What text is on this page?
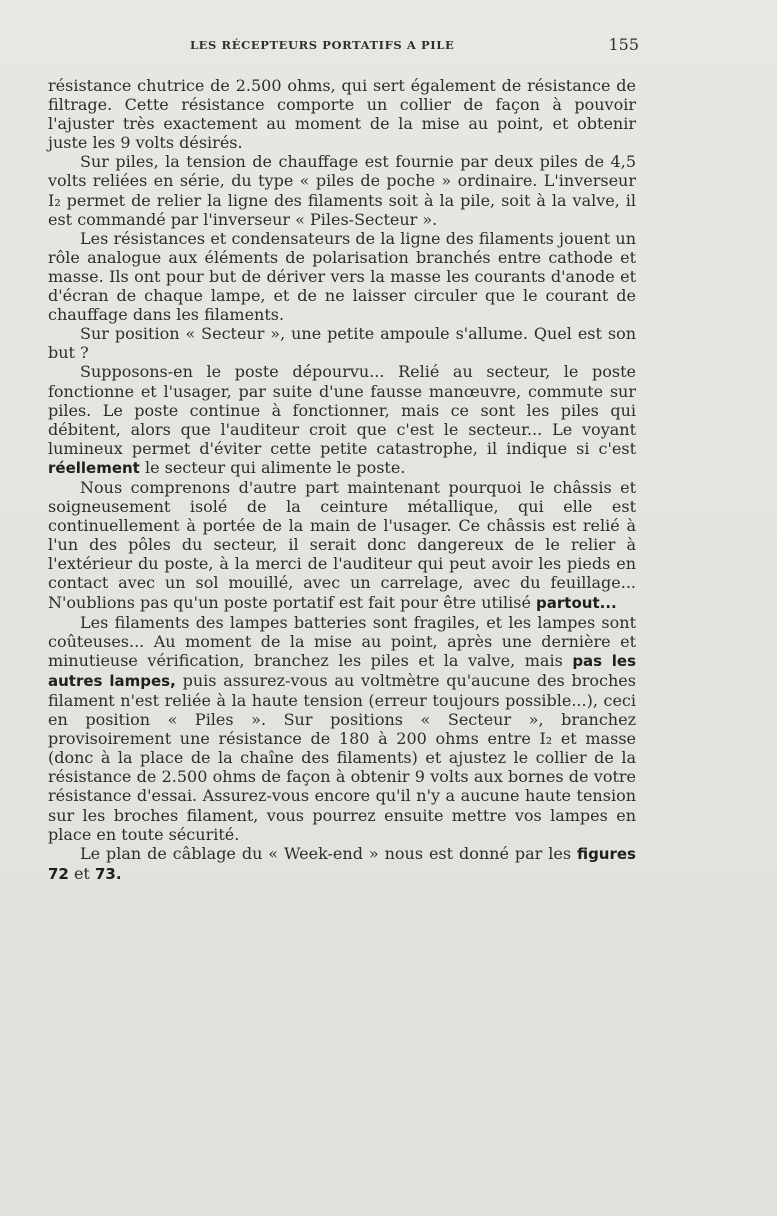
LES RÉCEPTEURS PORTATIFS A PILE	155

résistance chutrice de 2.500 ohms, qui sert également de résistance de filtrage. Cette résistance comporte un collier de façon à pouvoir l'ajuster très exactement au moment de la mise au point, et obtenir juste les 9 volts désirés.

Sur piles, la tension de chauffage est fournie par deux piles de 4,5 volts reliées en série, du type « piles de poche » ordinaire. L'inverseur I₂ permet de relier la ligne des filaments soit à la pile, soit à la valve, il est commandé par l'inverseur « Piles-Secteur ».

Les résistances et condensateurs de la ligne des filaments jouent un rôle analogue aux éléments de polarisation branchés entre cathode et masse. Ils ont pour but de dériver vers la masse les courants d'anode et d'écran de chaque lampe, et de ne laisser circuler que le courant de chauffage dans les filaments.

Sur position « Secteur », une petite ampoule s'allume. Quel est son but ?

Supposons-en le poste dépourvu... Relié au secteur, le poste fonctionne et l'usager, par suite d'une fausse manœuvre, commute sur piles. Le poste continue à fonctionner, mais ce sont les piles qui débitent, alors que l'auditeur croit que c'est le secteur... Le voyant lumineux permet d'éviter cette petite catastrophe, il indique si c'est réellement le secteur qui alimente le poste.

Nous comprenons d'autre part maintenant pourquoi le châssis et soigneusement isolé de la ceinture métallique, qui elle est continuellement à portée de la main de l'usager. Ce châssis est relié à l'un des pôles du secteur, il serait donc dangereux de le relier à l'extérieur du poste, à la merci de l'auditeur qui peut avoir les pieds en contact avec un sol mouillé, avec un carrelage, avec du feuillage... N'oublions pas qu'un poste portatif est fait pour être utilisé partout...

Les filaments des lampes batteries sont fragiles, et les lampes sont coûteuses... Au moment de la mise au point, après une dernière et minutieuse vérification, branchez les piles et la valve, mais pas les autres lampes, puis assurez-vous au voltmètre qu'aucune des broches filament n'est reliée à la haute tension (erreur toujours possible...), ceci en position « Piles ». Sur positions « Secteur », branchez provisoirement une résistance de 180 à 200 ohms entre I₂ et masse (donc à la place de la chaîne des filaments) et ajustez le collier de la résistance de 2.500 ohms de façon à obtenir 9 volts aux bornes de votre résistance d'essai. Assurez-vous encore qu'il n'y a aucune haute tension sur les broches filament, vous pourrez ensuite mettre vos lampes en place en toute sécurité.

Le plan de câblage du « Week-end » nous est donné par les figures 72 et 73.
